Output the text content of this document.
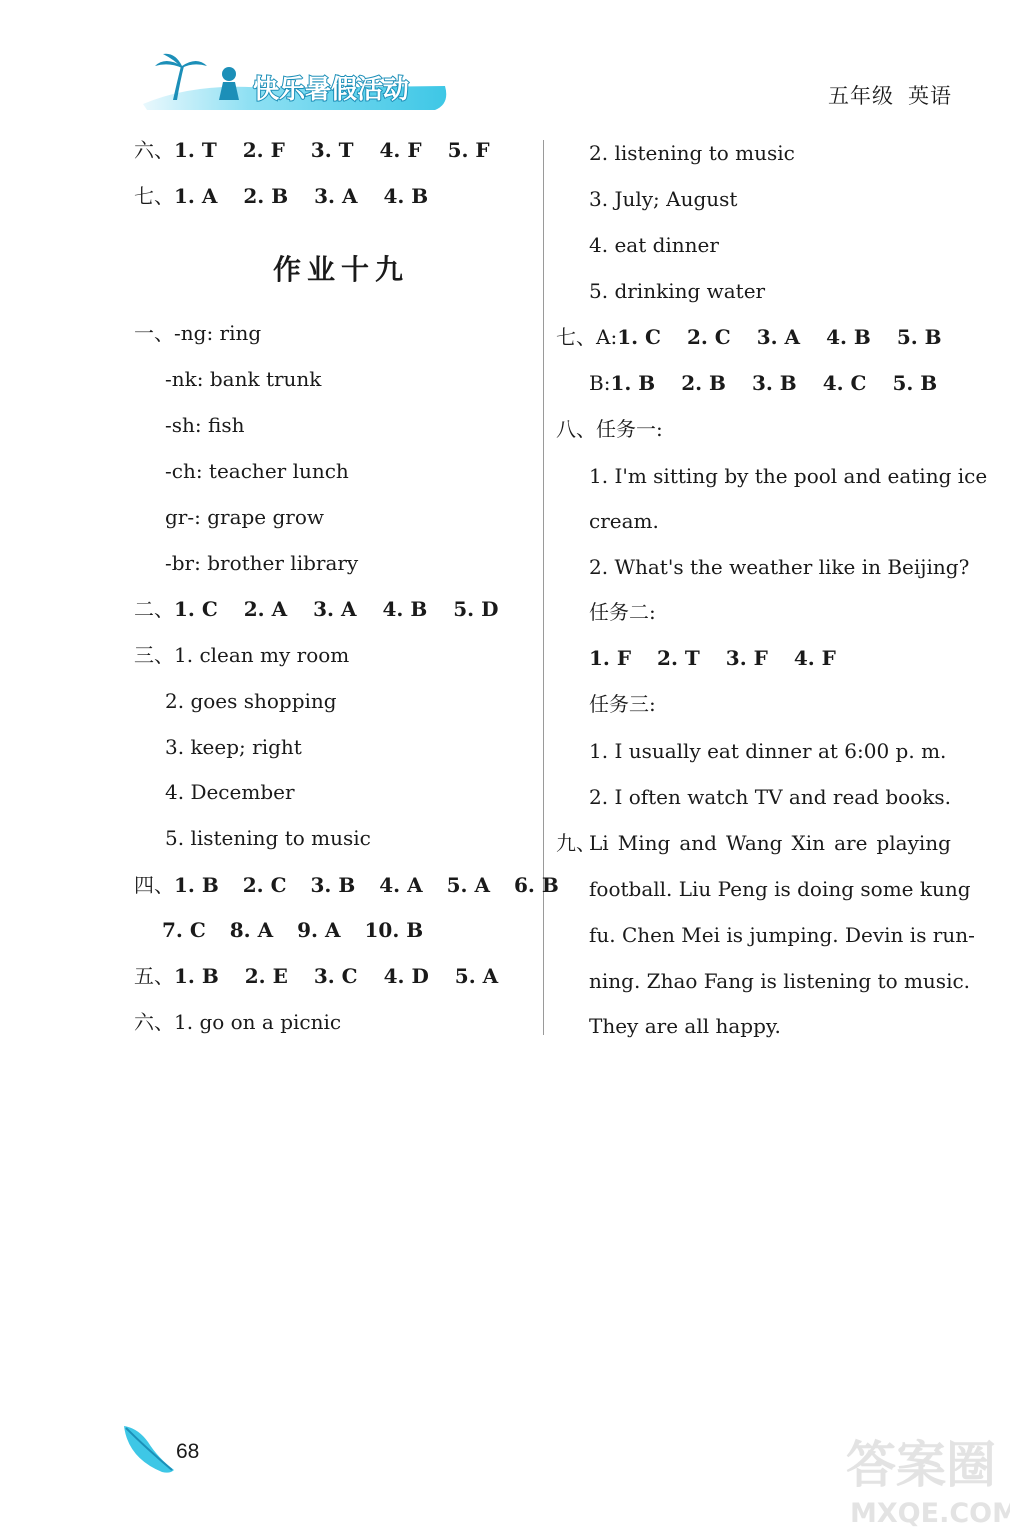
快乐暑假活动	五年级 英语
六、1. T 2. F 3. T 4. F 5. F
七、1. A 2. B 3. A 4. B
作业十九
一、-ng: ring
-nk: bank trunk
-sh: fish
-ch: teacher lunch
gr-: grape grow
-br: brother library
二、1. C 2. A 3. A 4. B 5. D
三、1. clean my room
2. goes shopping
3. keep; right
4. December
5. listening to music
四、1. B 2. C 3. B 4. A 5. A 6. B
7. C 8. A 9. A 10. B
五、1. B 2. E 3. C 4. D 5. A
六、1. go on a picnic
2. listening to music
3. July; August
4. eat dinner
5. drinking water
七、A:1. C 2. C 3. A 4. B 5. B
B:1. B 2. B 3. B 4. C 5. B
八、任务一:
1. I'm sitting by the pool and eating ice
cream.
2. What's the weather like in Beijing?
任务二:
1. F 2. T 3. F 4. F
任务三:
1. I usually eat dinner at 6:00 p. m.
2. I often watch TV and read books.
九、
Li Ming and Wang Xin are playing
football. Liu Peng is doing some kung
fu. Chen Mei is jumping. Devin is run-
ning. Zhao Fang is listening to music.
They are all happy.
68	答案圈
MXQE.COM
